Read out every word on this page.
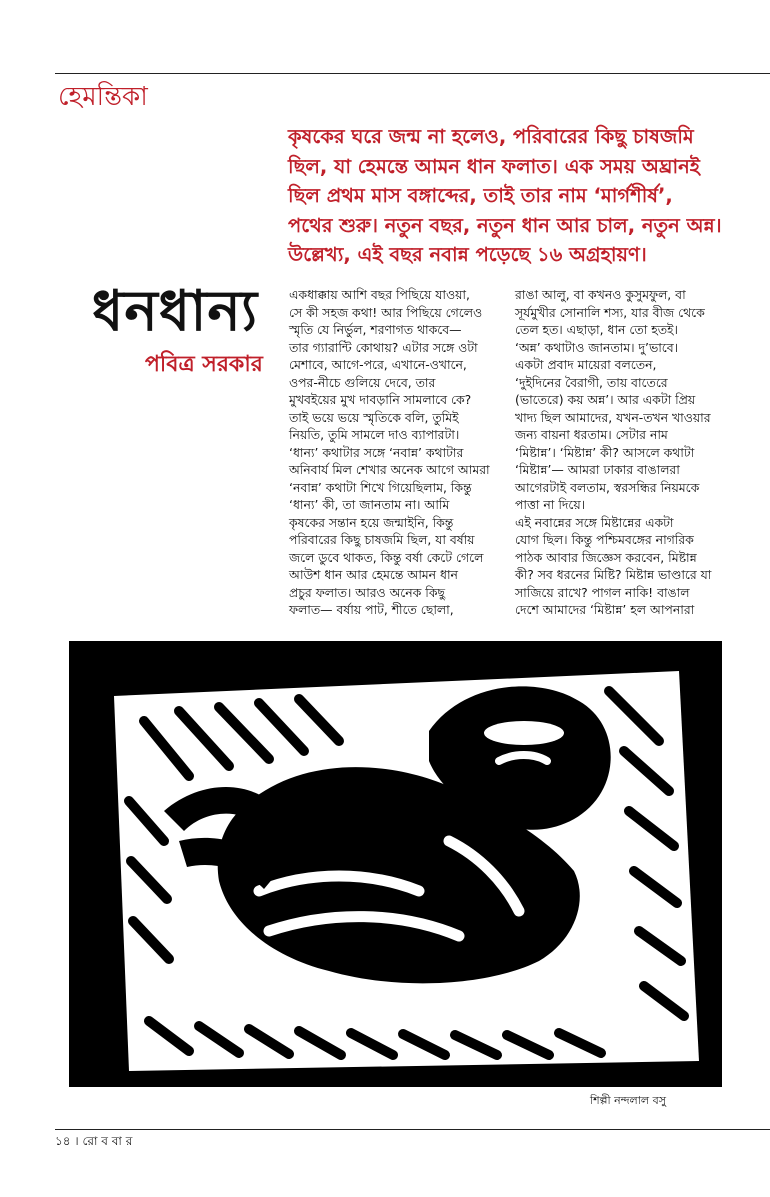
হেমন্তিকা
কৃষকের ঘরে জন্ম না হলেও, পরিবারের কিছু চাষজমি
ছিল, যা হেমন্তে আমন ধান ফলাত। এক সময় অঘ্রানই
ছিল প্রথম মাস বঙ্গাব্দের, তাই তার নাম ‘মার্গশীর্ষ’,
পথের শুরু। নতুন বছর, নতুন ধান আর চাল, নতুন অন্ন।
উল্লেখ্য, এই বছর নবান্ন পড়েছে ১৬ অগ্রহায়ণ।
ধনধান্য
পবিত্র সরকার
একধাক্কায় আশি বছর পিছিয়ে যাওয়া,
সে কী সহজ কথা! আর পিছিয়ে গেলেও
স্মৃতি যে নির্ভুল, শরণাগত থাকবে—
তার গ্যারান্টি কোথায়? এটার সঙ্গে ওটা
মেশাবে, আগে-পরে, এখানে-ওখানে,
ওপর-নীচে গুলিয়ে দেবে, তার
মুখবইয়ের মুখ দাবড়ানি সামলাবে কে?
তাই ভয়ে ভয়ে স্মৃতিকে বলি, তুমিই
নিয়তি, তুমি সামলে দাও ব্যাপারটা।
‘ধান্য’ কথাটার সঙ্গে ‘নবান্ন’ কথাটার
অনিবার্য মিল শেখার অনেক আগে আমরা
‘নবান্ন’ কথাটা শিখে গিয়েছিলাম, কিন্তু
‘ধান্য’ কী, তা জানতাম না। আমি
কৃষকের সন্তান হয়ে জন্মাইনি, কিন্তু
পরিবারের কিছু চাষজমি ছিল, যা বর্ষায়
জলে ডুবে থাকত, কিন্তু বর্ষা কেটে গেলে
আউশ ধান আর হেমন্তে আমন ধান
প্রচুর ফলাত। আরও অনেক কিছু
ফলাত— বর্ষায় পাট, শীতে ছোলা,
রাঙা আলু, বা কখনও কুসুমফুল, বা
সূর্যমুখীর সোনালি শস্য, যার বীজ থেকে
তেল হত। এছাড়া, ধান তো হতই।
‘অন্ন’ কথাটাও জানতাম। দু’ভাবে।
একটা প্রবাদ মায়েরা বলতেন,
‘দুইদিনের বৈরাগী, তায় বাতেরে
(ভাতেরে) কয় অন্ন’। আর একটা প্রিয়
খাদ্য ছিল আমাদের, যখন-তখন খাওয়ার
জন্য বায়না ধরতাম। সেটার নাম
‘মিষ্টান্ন’। ‘মিষ্টান্ন’ কী? আসলে কথাটা
‘মিষ্টান্ন’— আমরা ঢাকার বাঙালরা
আগেরটাই বলতাম, স্বরসন্ধির নিয়মকে
পাত্তা না দিয়ে।
এই নবান্নের সঙ্গে মিষ্টান্নের একটা
যোগ ছিল। কিন্তু পশ্চিমবঙ্গের নাগরিক
পাঠক আবার জিজ্ঞেস করবেন, মিষ্টান্ন
কী? সব ধরনের মিষ্টি? মিষ্টান্ন ভাণ্ডারে যা
সাজিয়ে রাখে? পাগল নাকি! বাঙাল
দেশে আমাদের ‘মিষ্টান্ন’ হল আপনারা
শিল্পী নন্দলাল বসু
১৪ । রো ব বা র
